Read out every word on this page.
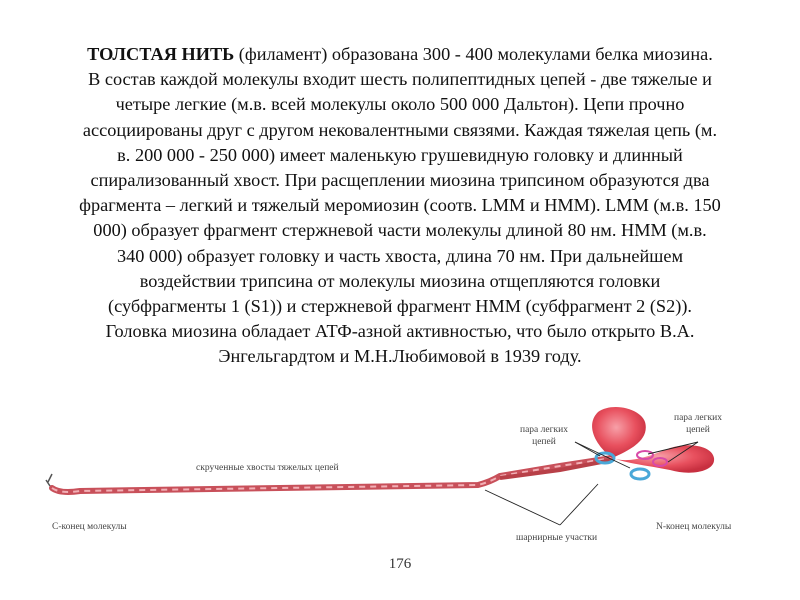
ТОЛСТАЯ НИТЬ (филамент) образована 300 - 400 молекулами белка миозина.
В состав каждой молекулы входит шесть полипептидных цепей - две тяжелые и
четыре легкие (м.в. всей молекулы около 500 000 Дальтон). Цепи прочно
ассоциированы друг с другом нековалентными связями. Каждая тяжелая цепь (м.
в. 200 000 - 250 000) имеет маленькую грушевидную головку и длинный
спирализованный хвост. При расщеплении миозина трипсином образуются два
фрагмента – легкий и тяжелый меромиозин (соотв. LMM и HMM). LMM (м.в. 150
000) образует фрагмент стержневой части молекулы длиной 80 нм. HMM (м.в.
340 000) образует головку и часть хвоста, длина 70 нм. При дальнейшем
воздействии трипсина от молекулы миозина отщепляются головки
(субфрагменты 1 (S1)) и стержневой фрагмент HMM (субфрагмент 2 (S2)).
Головка миозина обладает АТФ-азной активностью, что было открыто В.А.
Энгельгардтом и М.Н.Любимовой в 1939 году.
скрученные хвосты тяжелых цепей
С-конец молекулы	N-конец молекулы
шарнирные участки
пара легких
цепей
пара легких
цепей
176
